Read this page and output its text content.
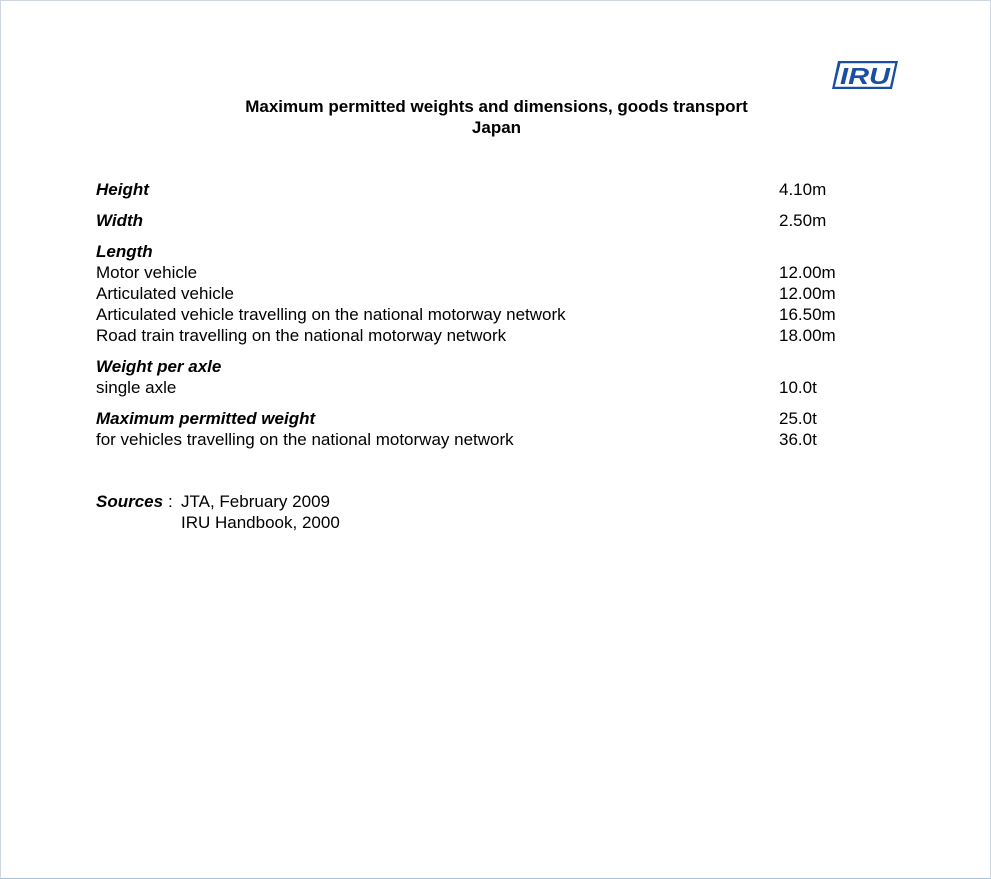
IRU
Maximum permitted weights and dimensions, goods transport
Japan
Height	4.10m
Width	2.50m
Length
Motor vehicle	12.00m
Articulated vehicle	12.00m
Articulated vehicle travelling on the national motorway network	16.50m
Road train travelling on the national motorway network	18.00m
Weight per axle
single axle	10.0t
Maximum permitted weight	25.0t
for vehicles travelling on the national motorway network	36.0t
Sources : JTA, February 2009
IRU Handbook, 2000
